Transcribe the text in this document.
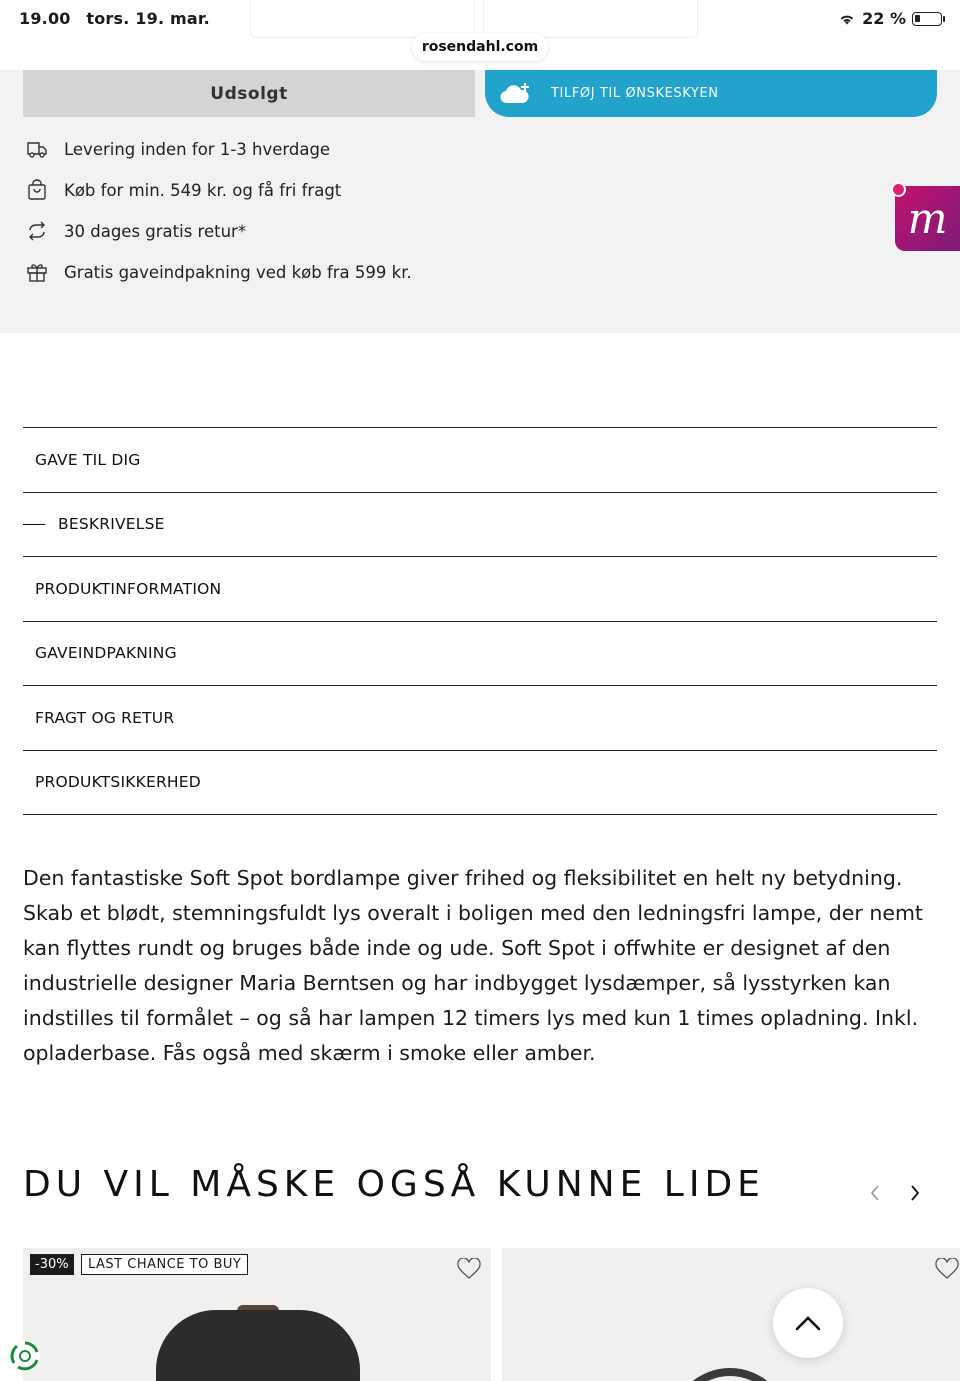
19.00 tors. 19. mar.	22 %
rosendahl.com
Udsolgt	TILFØJ TIL ØNSKESKYEN
Levering inden for 1-3 hverdage
Køb for min. 549 kr. og få fri fragt
30 dages gratis retur*
Gratis gaveindpakning ved køb fra 599 kr.
m
GAVE TIL DIG
BESKRIVELSE
PRODUKTINFORMATION
GAVEINDPAKNING
FRAGT OG RETUR
PRODUKTSIKKERHED

Den fantastiske Soft Spot bordlampe giver frihed og fleksibilitet en helt ny betydning. Skab et blødt, stemningsfuldt lys overalt i boligen med den ledningsfri lampe, der nemt kan flyttes rundt og bruges både inde og ude. Soft Spot i offwhite er designet af den industrielle designer Maria Berntsen og har indbygget lysdæmper, så lysstyrken kan indstilles til formålet – og så har lampen 12 timers lys med kun 1 times opladning. Inkl. opladerbase. Fås også med skærm i smoke eller amber.

DU VIL MÅSKE OGSÅ KUNNE LIDE
-30%	LAST CHANCE TO BUY
